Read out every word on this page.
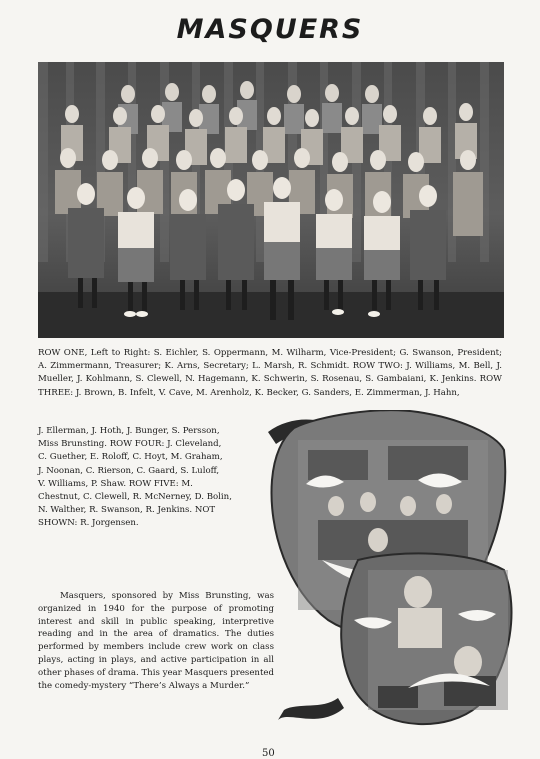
MASQUERS

ROW ONE, Left to Right: S. Eichler, S. Oppermann, M. Wilharm, Vice-President; G. Swanson, President; A. Zimmermann, Treasurer; K. Arns, Secretary; L. Marsh, R. Schmidt. ROW TWO: J. Williams, M. Bell, J. Mueller, J. Kohlmann, S. Clewell, N. Hagemann, K. Schwerin, S. Rosenau, S. Gambaiani, K. Jenkins. ROW THREE: J. Brown, B. Infelt, V. Cave, M. Arenholz, K. Becker, G. Sanders, E. Zimmerman, J. Hahn,

J. Ellerman, J. Hoth, J. Bunger, S. Persson,
Miss Brunsting. ROW FOUR: J. Cleveland,
C. Guether, E. Roloff, C. Hoyt, M. Graham,
J. Noonan, C. Rierson, C. Gaard, S. Luloff,
V. Williams, P. Shaw. ROW FIVE: M.
Chestnut, C. Clewell, R. McNerney, D. Bolin,
N. Walther, R. Swanson, R. Jenkins. NOT
SHOWN: R. Jorgensen.

Masquers, sponsored by Miss Brunsting, was organized in 1940 for the purpose of promoting interest and skill in public speaking, interpretive reading and in the area of dramatics. The duties performed by members include crew work on class plays, acting in plays, and active participation in all other phases of drama. This year Masquers presented the comedy-mystery “There’s Always a Murder.”

50
